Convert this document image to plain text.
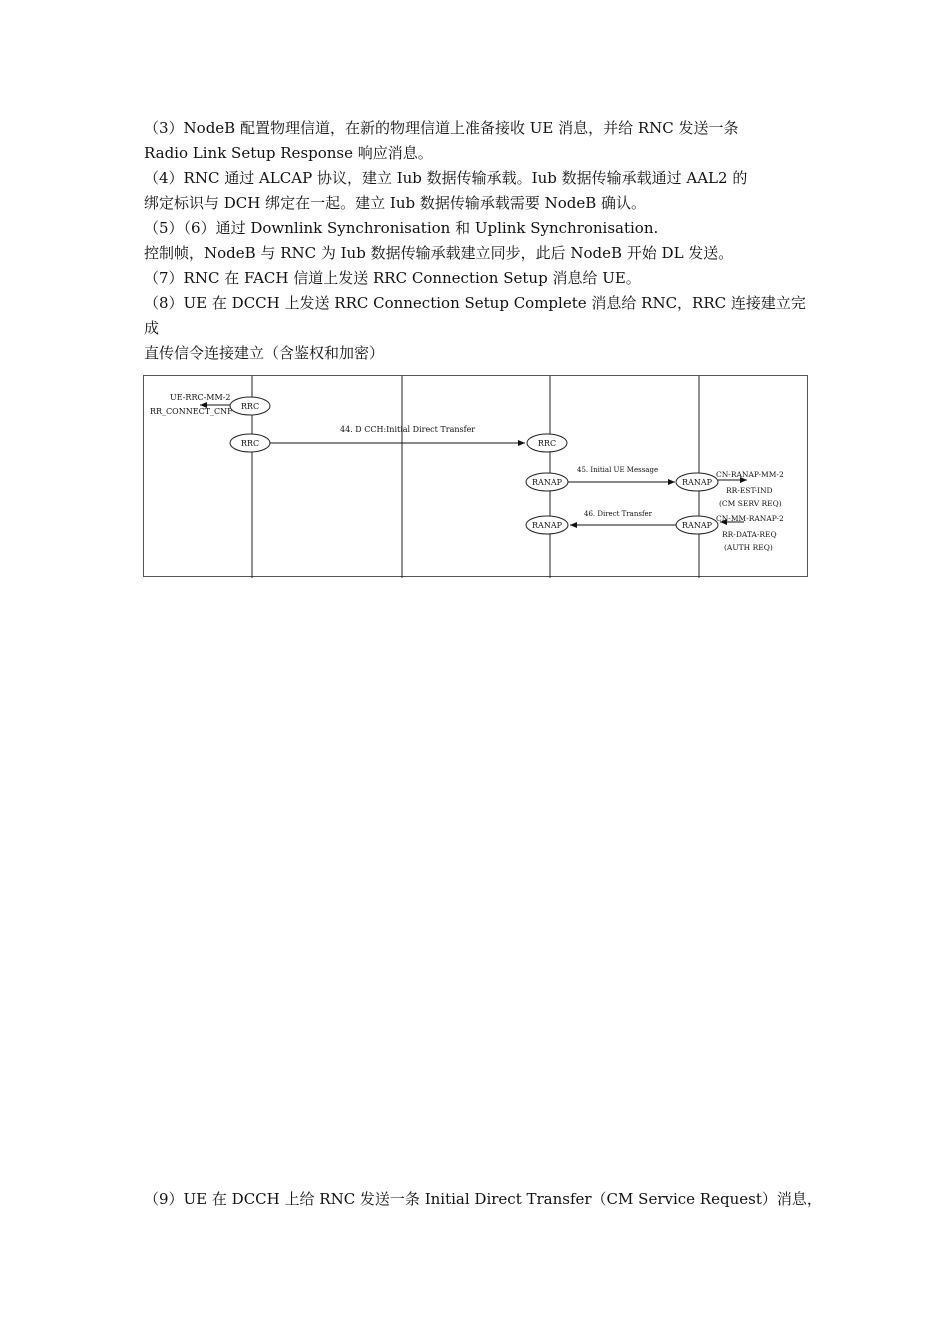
（3）NodeB 配置物理信道，在新的物理信道上准备接收 UE 消息，并给 RNC 发送一条

Radio Link Setup Response 响应消息。

（4）RNC 通过 ALCAP 协议，建立 Iub 数据传输承载。Iub 数据传输承载通过 AAL2 的

绑定标识与 DCH 绑定在一起。建立 Iub 数据传输承载需要 NodeB 确认。

（5）（6）通过 Downlink Synchronisation 和 Uplink Synchronisation.

控制帧，NodeB 与 RNC 为 Iub 数据传输承载建立同步，此后 NodeB 开始 DL 发送。

（7）RNC 在 FACH 信道上发送 RRC Connection Setup 消息给 UE。

（8）UE 在 DCCH 上发送 RRC Connection Setup Complete 消息给 RNC，RRC 连接建立完

成

直传信令连接建立（含鉴权和加密）

UE-RRC-MM-2
RR_CONNECT_CNF
RRC
RRC
44. D CCH:Initial Direct Transfer
RRC
RANAP
45. Initial UE Message
RANAP
CN-RANAP-MM-2
RR-EST-IND
(CM SERV REQ)
RANAP
46. Direct Transfer
RANAP
CN-MM-RANAP-2
RR-DATA-REQ
(AUTH REQ)

（9）UE 在 DCCH 上给 RNC 发送一条 Initial Direct Transfer（CM Service Request）消息，
